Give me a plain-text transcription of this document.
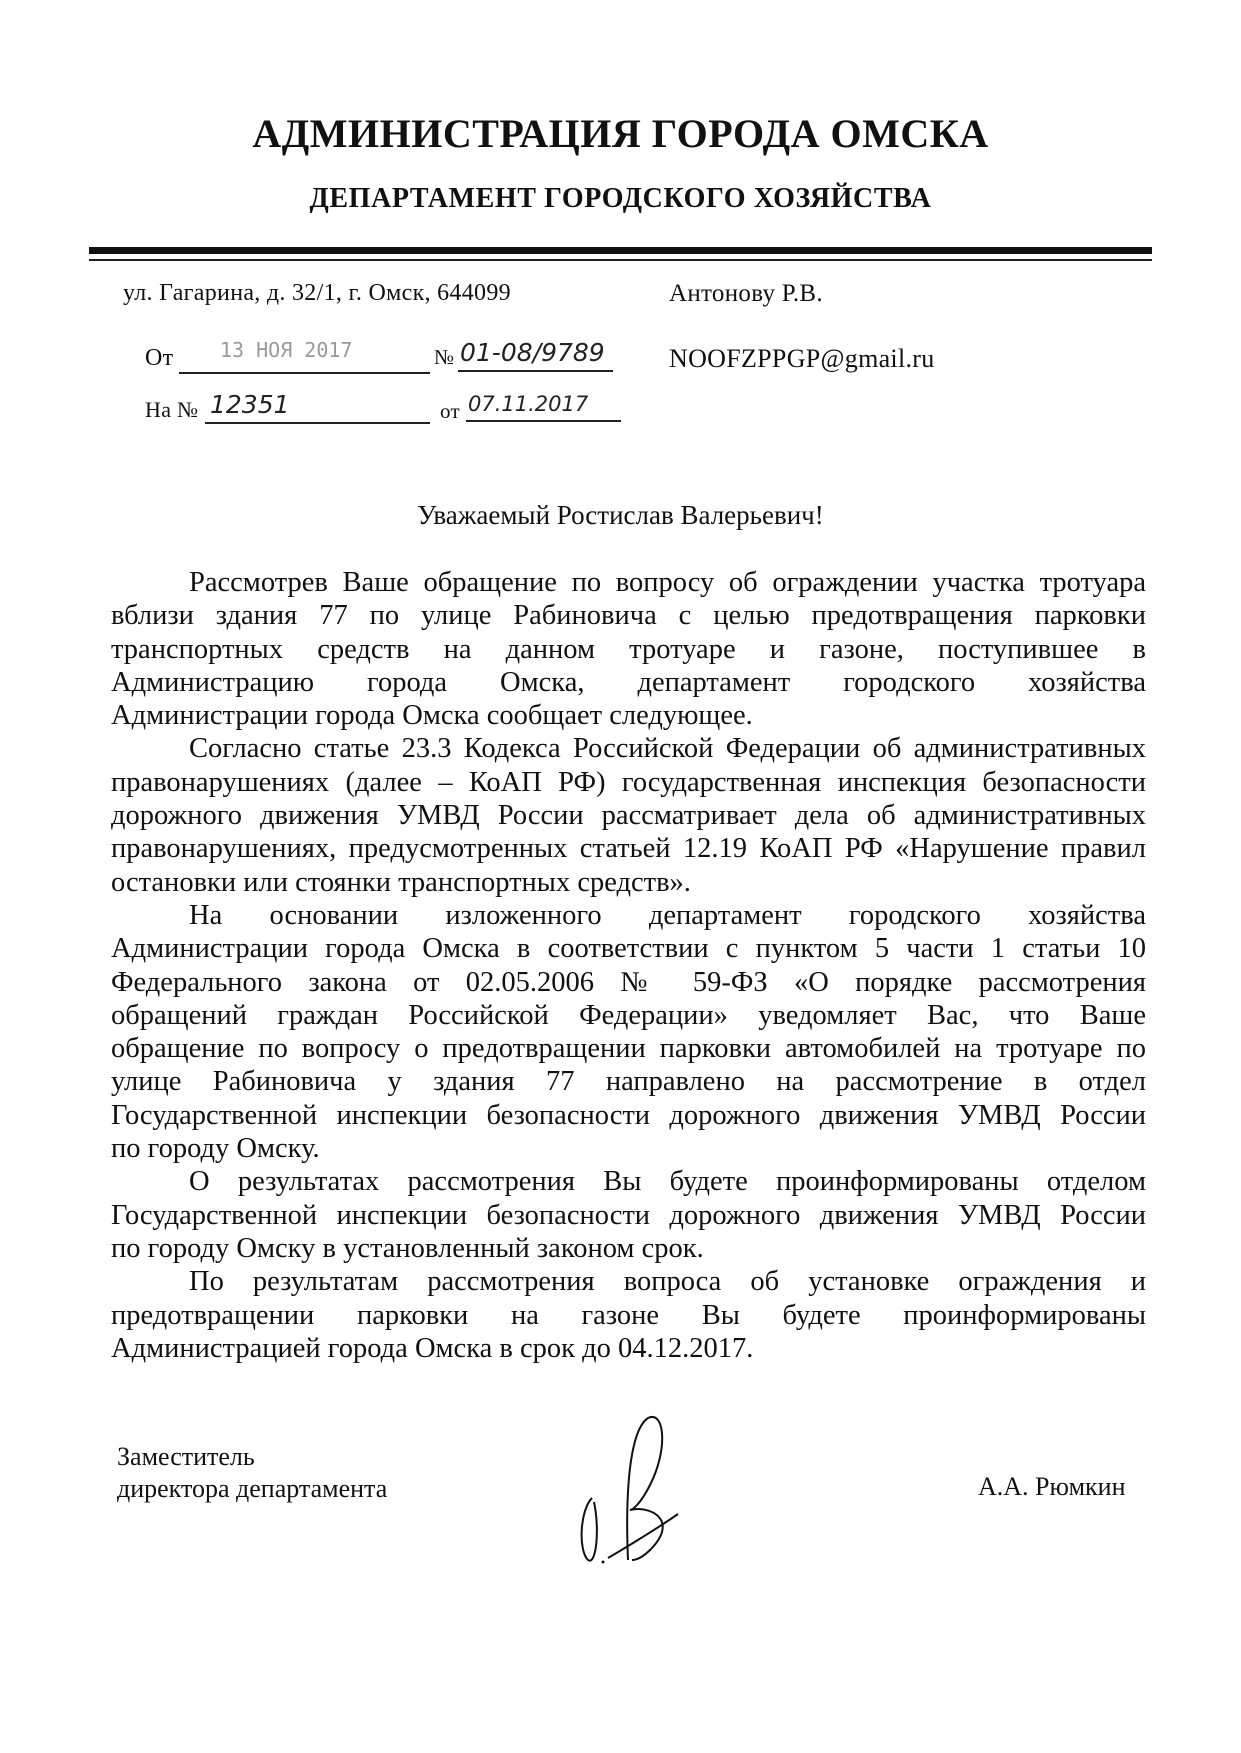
АДМИНИСТРАЦИЯ ГОРОДА ОМСКА
ДЕПАРТАМЕНТ ГОРОДСКОГО ХОЗЯЙСТВА
ул. Гагарина, д. 32/1, г. Омск, 644099	Антонову Р.В.
От 13 НОЯ 2017	№ 01-08/9789 NOOFZPPGP@gmail.ru
На № 12351	от 07.11.2017
Уважаемый Ростислав Валерьевич!
Рассмотрев Ваше обращение по вопросу об ограждении участка тротуара
вблизи здания 77 по улице Рабиновича с целью предотвращения парковки
транспортных средств на данном тротуаре и газоне, поступившее в
Администрацию города Омска, департамент городского хозяйства
Администрации города Омска сообщает следующее.
Согласно статье 23.3 Кодекса Российской Федерации об административных
правонарушениях (далее – КоАП РФ) государственная инспекция безопасности
дорожного движения УМВД России рассматривает дела об административных
правонарушениях, предусмотренных статьей 12.19 КоАП РФ «Нарушение правил
остановки или стоянки транспортных средств».
На основании изложенного департамент городского хозяйства
Администрации города Омска в соответствии с пунктом 5 части 1 статьи 10
Федерального закона от 02.05.2006 № 59-ФЗ «О порядке рассмотрения
обращений граждан Российской Федерации» уведомляет Вас, что Ваше
обращение по вопросу о предотвращении парковки автомобилей на тротуаре по
улице Рабиновича у здания 77 направлено на рассмотрение в отдел
Государственной инспекции безопасности дорожного движения УМВД России
по городу Омску.
О результатах рассмотрения Вы будете проинформированы отделом
Государственной инспекции безопасности дорожного движения УМВД России
по городу Омску в установленный законом срок.
По результатам рассмотрения вопроса об установке ограждения и
предотвращении парковки на газоне Вы будете проинформированы
Администрацией города Омска в срок до 04.12.2017.
Заместитель
директора департамента	А.А. Рюмкин
